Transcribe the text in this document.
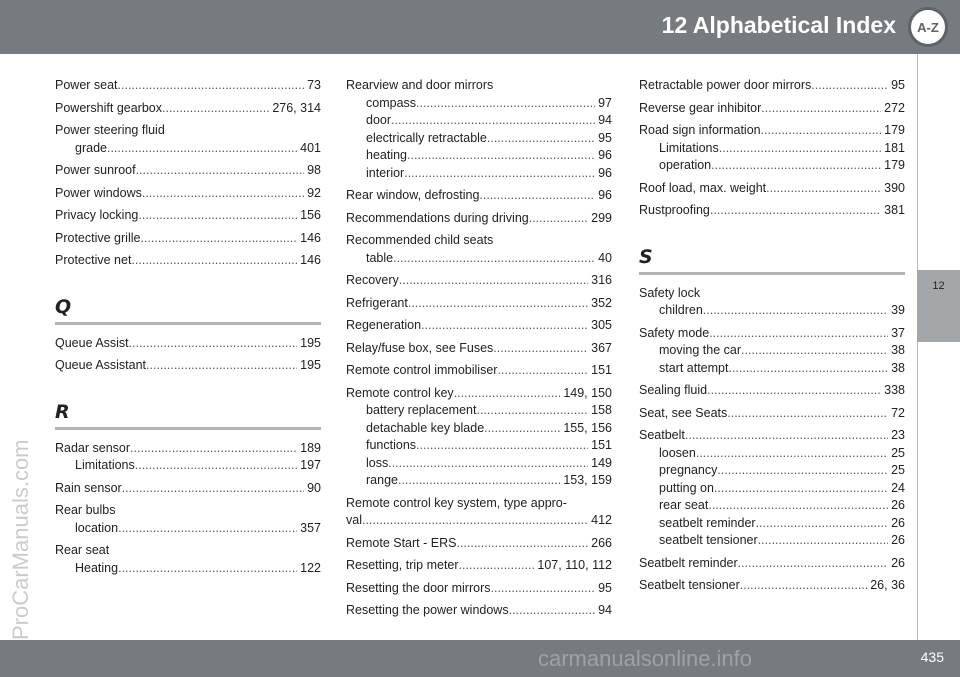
12 Alphabetical Index A-Z
12
Power seat .....	73
Powershift gearbox .....	276, 314
Power steering fluid
grade .....	401
Power sunroof .....	98
Power windows .....	92
Privacy locking .....	156
Protective grille .....	146
Protective net .....	146
Q
Queue Assist .....	195
Queue Assistant .....	195
R
Radar sensor .....	189
Limitations .....	197
Rain sensor .....	90
Rear bulbs
location .....	357
Rear seat
Heating .....	122
Rearview and door mirrors
compass .....	97
door .....	94
electrically retractable .....	95
heating .....	96
interior .....	96
Rear window, defrosting .....	96
Recommendations during driving .....	299
Recommended child seats
table .....	40
Recovery .....	316
Refrigerant .....	352
Regeneration .....	305
Relay/fuse box, see Fuses .....	367
Remote control immobiliser .....	151
Remote control key .....	149, 150
battery replacement .....	158
detachable key blade .....	155, 156
functions .....	151
loss .....	149
range .....	153, 159
Remote control key system, type appro-
val .....	412
Remote Start - ERS .....	266
Resetting, trip meter .....	107, 110, 112
Resetting the door mirrors .....	95
Resetting the power windows .....	94
Retractable power door mirrors .....	95
Reverse gear inhibitor .....	272
Road sign information .....	179
Limitations .....	181
operation .....	179
Roof load, max. weight .....	390
Rustproofing .....	381
S
Safety lock
children .....	39
Safety mode .....	37
moving the car .....	38
start attempt .....	38
Sealing fluid .....	338
Seat, see Seats .....	72
Seatbelt .....	23
loosen .....	25
pregnancy .....	25
putting on .....	24
rear seat .....	26
seatbelt reminder .....	26
seatbelt tensioner .....	26
Seatbelt reminder .....	26
Seatbelt tensioner .....	26, 36
435
ProCarManuals.com
carmanualsonline.info
